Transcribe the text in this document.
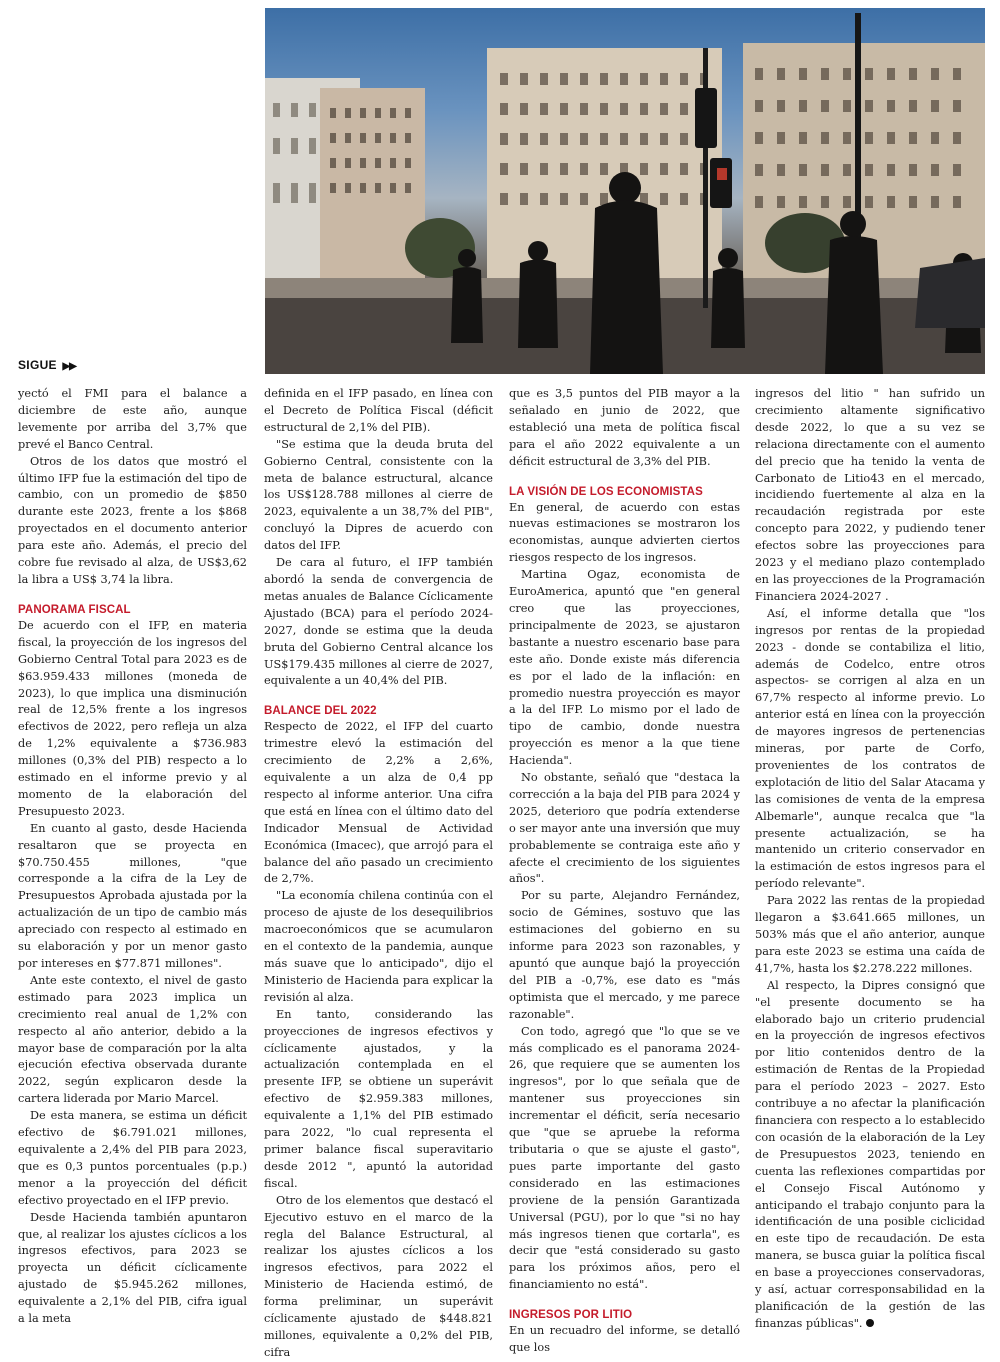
SIGUE ▶▶

yectó el FMI para el balance a diciembre de este año, aunque levemente por arriba del 3,7% que prevé el Banco Central.

Otros de los datos que mostró el último IFP fue la estimación del tipo de cambio, con un promedio de $850 durante este 2023, frente a los $868 proyectados en el documento anterior para este año. Además, el precio del cobre fue revisado al alza, de US$3,62 la libra a US$ 3,74 la libra.

PANORAMA FISCAL

De acuerdo con el IFP, en materia fiscal, la proyección de los ingresos del Gobierno Central Total para 2023 es de $63.959.433 millones (moneda de 2023), lo que implica una disminución real de 12,5% frente a los ingresos efectivos de 2022, pero refleja un alza de 1,2% equivalente a $736.983 millones (0,3% del PIB) respecto a lo estimado en el informe previo y al momento de la elaboración del Presupuesto 2023.

En cuanto al gasto, desde Hacienda resaltaron que se proyecta en $70.750.455 millones, "que corresponde a la cifra de la Ley de Presupuestos Aprobada ajustada por la actualización de un tipo de cambio más apreciado con respecto al estimado en su elaboración y por un menor gasto por intereses en $77.871 millones".

Ante este contexto, el nivel de gasto estimado para 2023 implica un crecimiento real anual de 1,2% con respecto al año anterior, debido a la mayor base de comparación por la alta ejecución efectiva observada durante 2022, según explicaron desde la cartera liderada por Mario Marcel.

De esta manera, se estima un déficit efectivo de $6.791.021 millones, equivalente a 2,4% del PIB para 2023, que es 0,3 puntos porcentuales (p.p.) menor a la proyección del déficit efectivo proyectado en el IFP previo.

Desde Hacienda también apuntaron que, al realizar los ajustes cíclicos a los ingresos efectivos, para 2023 se proyecta un déficit cíclicamente ajustado de $5.945.262 millones, equivalente a 2,1% del PIB, cifra igual a la meta

definida en el IFP pasado, en línea con el Decreto de Política Fiscal (déficit estructural de 2,1% del PIB).

"Se estima que la deuda bruta del Gobierno Central, consistente con la meta de balance estructural, alcance los US$128.788 millones al cierre de 2023, equivalente a un 38,7% del PIB", concluyó la Dipres de acuerdo con datos del IFP.

De cara al futuro, el IFP también abordó la senda de convergencia de metas anuales de Balance Cíclicamente Ajustado (BCA) para el período 2024-2027, donde se estima que la deuda bruta del Gobierno Central alcance los US$179.435 millones al cierre de 2027, equivalente a un 40,4% del PIB.

BALANCE DEL 2022

Respecto de 2022, el IFP del cuarto trimestre elevó la estimación del crecimiento de 2,2% a 2,6%, equivalente a un alza de 0,4 pp respecto al informe anterior. Una cifra que está en línea con el último dato del Indicador Mensual de Actividad Económica (Imacec), que arrojó para el balance del año pasado un crecimiento de 2,7%.

"La economía chilena continúa con el proceso de ajuste de los desequilibrios macroeconómicos que se acumularon en el contexto de la pandemia, aunque más suave que lo anticipado", dijo el Ministerio de Hacienda para explicar la revisión al alza.

En tanto, considerando las proyecciones de ingresos efectivos y cíclicamente ajustados, y la actualización contemplada en el presente IFP, se obtiene un superávit efectivo de $2.959.383 millones, equivalente a 1,1% del PIB estimado para 2022, "lo cual representa el primer balance fiscal superavitario desde 2012 ", apuntó la autoridad fiscal.

Otro de los elementos que destacó el Ejecutivo estuvo en el marco de la regla del Balance Estructural, al realizar los ajustes cíclicos a los ingresos efectivos, para 2022 el Ministerio de Hacienda estimó, de forma preliminar, un superávit cíclicamente ajustado de $448.821 millones, equivalente a 0,2% del PIB, cifra

que es 3,5 puntos del PIB mayor a la señalado en junio de 2022, que estableció una meta de política fiscal para el año 2022 equivalente a un déficit estructural de 3,3% del PIB.

LA VISIÓN DE LOS ECONOMISTAS

En general, de acuerdo con estas nuevas estimaciones se mostraron los economistas, aunque advierten ciertos riesgos respecto de los ingresos.

Martina Ogaz, economista de EuroAmerica, apuntó que "en general creo que las proyecciones, principalmente de 2023, se ajustaron bastante a nuestro escenario base para este año. Donde existe más diferencia es por el lado de la inflación: en promedio nuestra proyección es mayor a la del IFP. Lo mismo por el lado de tipo de cambio, donde nuestra proyección es menor a la que tiene Hacienda".

No obstante, señaló que "destaca la corrección a la baja del PIB para 2024 y 2025, deterioro que podría extenderse o ser mayor ante una inversión que muy probablemente se contraiga este año y afecte el crecimiento de los siguientes años".

Por su parte, Alejandro Fernández, socio de Gémines, sostuvo que las estimaciones del gobierno en su informe para 2023 son razonables, y apuntó que aunque bajó la proyección del PIB a -0,7%, ese dato es "más optimista que el mercado, y me parece razonable".

Con todo, agregó que "lo que se ve más complicado es el panorama 2024-26, que requiere que se aumenten los ingresos", por lo que señala que de mantener sus proyecciones sin incrementar el déficit, sería necesario que "que se apruebe la reforma tributaria o que se ajuste el gasto", pues parte importante del gasto considerado en las estimaciones proviene de la pensión Garantizada Universal (PGU), por lo que "si no hay más ingresos tienen que cortarla", es decir que "está considerado su gasto para los próximos años, pero el financiamiento no está".

INGRESOS POR LITIO

En un recuadro del informe, se detalló que los

ingresos del litio " han sufrido un crecimiento altamente significativo desde 2022, lo que a su vez se relaciona directamente con el aumento del precio que ha tenido la venta de Carbonato de Litio43 en el mercado, incidiendo fuertemente al alza en la recaudación registrada por este concepto para 2022, y pudiendo tener efectos sobre las proyecciones para 2023 y el mediano plazo contemplado en las proyecciones de la Programación Financiera 2024-2027 .

Así, el informe detalla que "los ingresos por rentas de la propiedad 2023 - donde se contabiliza el litio, además de Codelco, entre otros aspectos- se corrigen al alza en un 67,7% respecto al informe previo. Lo anterior está en línea con la proyección de mayores ingresos de pertenencias mineras, por parte de Corfo, provenientes de los contratos de explotación de litio del Salar Atacama y las comisiones de venta de la empresa Albemarle", aunque recalca que "la presente actualización, se ha mantenido un criterio conservador en la estimación de estos ingresos para el período relevante".

Para 2022 las rentas de la propiedad llegaron a $3.641.665 millones, un 503% más que el año anterior, aunque para este 2023 se estima una caída de 41,7%, hasta los $2.278.222 millones.

Al respecto, la Dipres consignó que "el presente documento se ha elaborado bajo un criterio prudencial en la proyección de ingresos efectivos por litio contenidos dentro de la estimación de Rentas de la Propiedad para el período 2023 – 2027. Esto contribuye a no afectar la planificación financiera con respecto a lo establecido con ocasión de la elaboración de la Ley de Presupuestos 2023, teniendo en cuenta las reflexiones compartidas por el Consejo Fiscal Autónomo y anticipando el trabajo conjunto para la identificación de una posible ciclicidad en este tipo de recaudación. De esta manera, se busca guiar la política fiscal en base a proyecciones conservadoras, y así, actuar corresponsabilidad en la planificación de la gestión de las finanzas públicas".
